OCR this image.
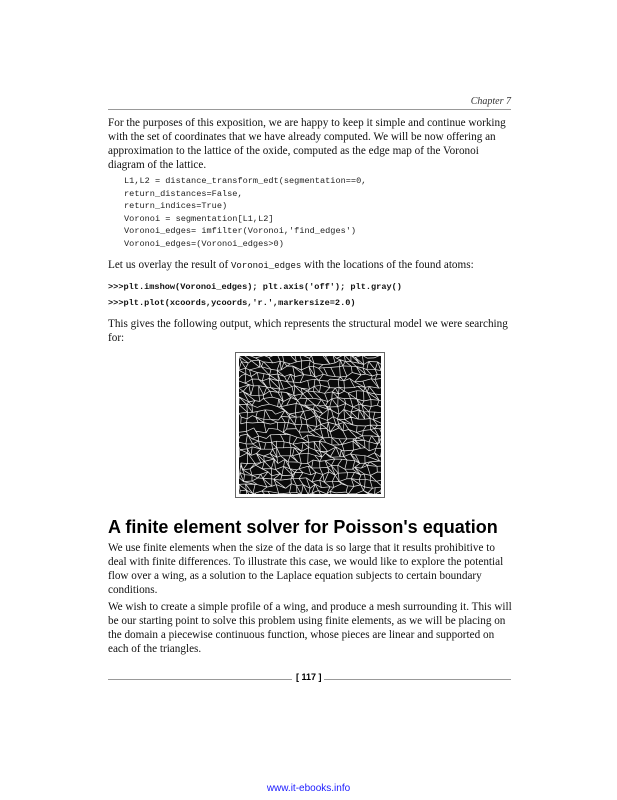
Chapter 7

For the purposes of this exposition, we are happy to keep it simple and continue working with the set of coordinates that we have already computed. We will be now offering an approximation to the lattice of the oxide, computed as the edge map of the Voronoi diagram of the lattice.

L1,L2 = distance_transform_edt(segmentation==0,
return_distances=False,
return_indices=True)
Voronoi = segmentation[L1,L2]
Voronoi_edges= imfilter(Voronoi,'find_edges')
Voronoi_edges=(Voronoi_edges>0)

Let us overlay the result of Voronoi_edges with the locations of the found atoms:

>>>plt.imshow(Voronoi_edges); plt.axis('off'); plt.gray()
>>>plt.plot(xcoords,ycoords,'r.',markersize=2.0)

This gives the following output, which represents the structural model we were searching for:

A finite element solver for Poisson's equation

We use finite elements when the size of the data is so large that it results prohibitive to deal with finite differences. To illustrate this case, we would like to explore the potential flow over a wing, as a solution to the Laplace equation subjects to certain boundary conditions.

We wish to create a simple profile of a wing, and produce a mesh surrounding it. This will be our starting point to solve this problem using finite elements, as we will be placing on the domain a piecewise continuous function, whose pieces are linear and supported on each of the triangles.

[ 117 ]
www.it-ebooks.info
